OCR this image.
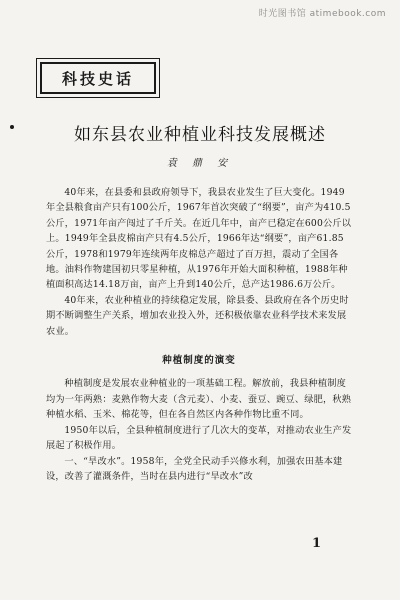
时光图书馆 atimebook.com
科技史话
如东县农业种植业科技发展概述
袁 鼎 安

40年来，在县委和县政府领导下，我县农业发生了巨大变化。1949年全县粮食亩产只有100公斤，1967年首次突破了“纲要”，亩产为410.5公斤，1971年亩产闯过了千斤关。在近几年中，亩产已稳定在600公斤以上。1949年全县皮棉亩产只有4.5公斤，1966年达“纲要”，亩产61.85公斤，1978和1979年连续两年皮棉总产超过了百万担，震动了全国各地。油料作物建国初只零星种植，从1976年开始大面积种植，1988年种植面积高达14.18万亩，亩产上升到140公斤，总产达1986.6万公斤。

40年来，农业种植业的持续稳定发展，除县委、县政府在各个历史时期不断调整生产关系，增加农业投入外，还积极依靠农业科学技术来发展农业。

种植制度的演变

种植制度是发展农业种植业的一项基础工程。解放前，我县种植制度均为一年两熟：麦熟作物大麦（含元麦）、小麦、蚕豆、豌豆、绿肥，秋熟种植水稻、玉米、棉花等，但在各自然区内各种作物比重不同。

1950年以后，全县种植制度进行了几次大的变革，对推动农业生产发展起了积极作用。

一、“旱改水”。1958年，全党全民动手兴修水利，加强农田基本建设，改善了灌溉条件，当时在县内进行“旱改水”改

1
